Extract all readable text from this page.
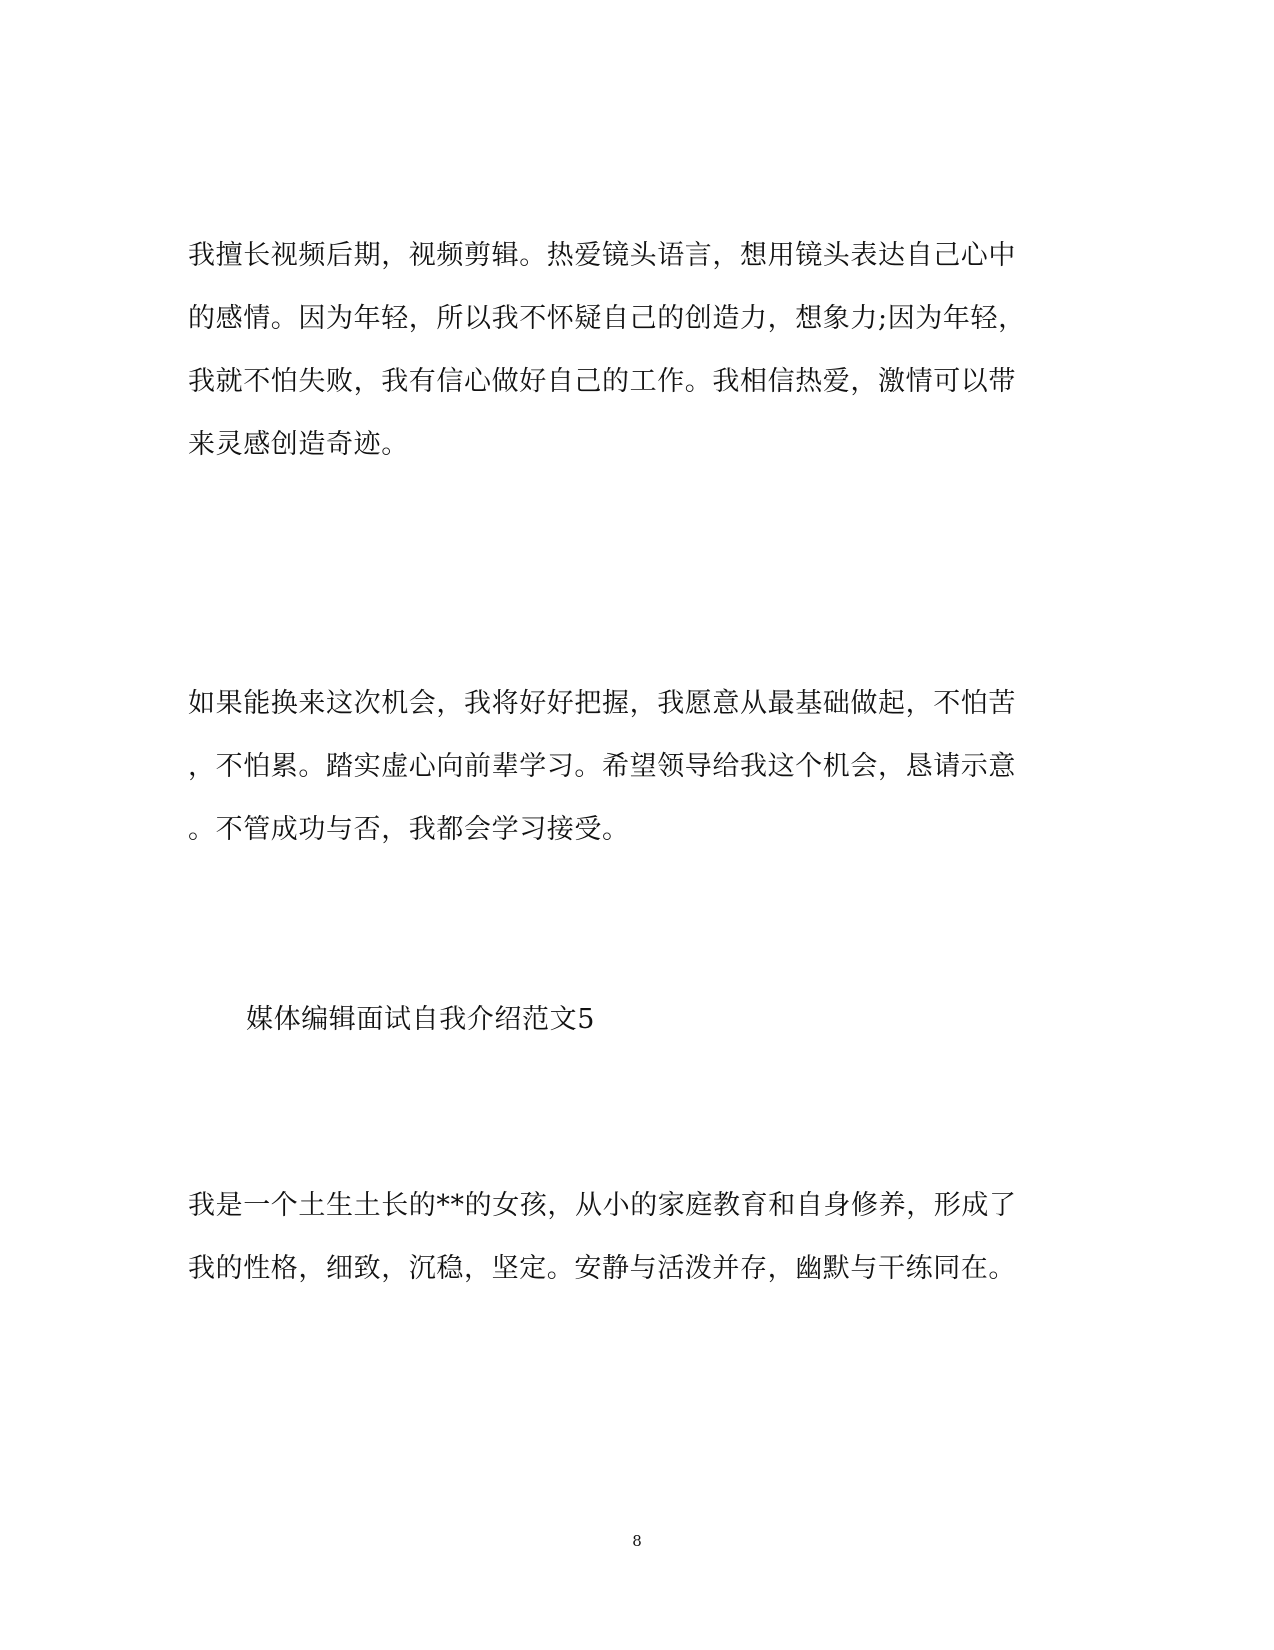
我擅长视频后期，视频剪辑。热爱镜头语言，想用镜头表达自己心中
的感情。因为年轻，所以我不怀疑自己的创造力，想象力;因为年轻，
我就不怕失败，我有信心做好自己的工作。我相信热爱，激情可以带
来灵感创造奇迹。
如果能换来这次机会，我将好好把握，我愿意从最基础做起，不怕苦
，不怕累。踏实虚心向前辈学习。希望领导给我这个机会，恳请示意
。不管成功与否，我都会学习接受。
媒体编辑面试自我介绍范文5
我是一个土生土长的**的女孩，从小的家庭教育和自身修养，形成了
我的性格，细致，沉稳，坚定。安静与活泼并存，幽默与干练同在。
8
